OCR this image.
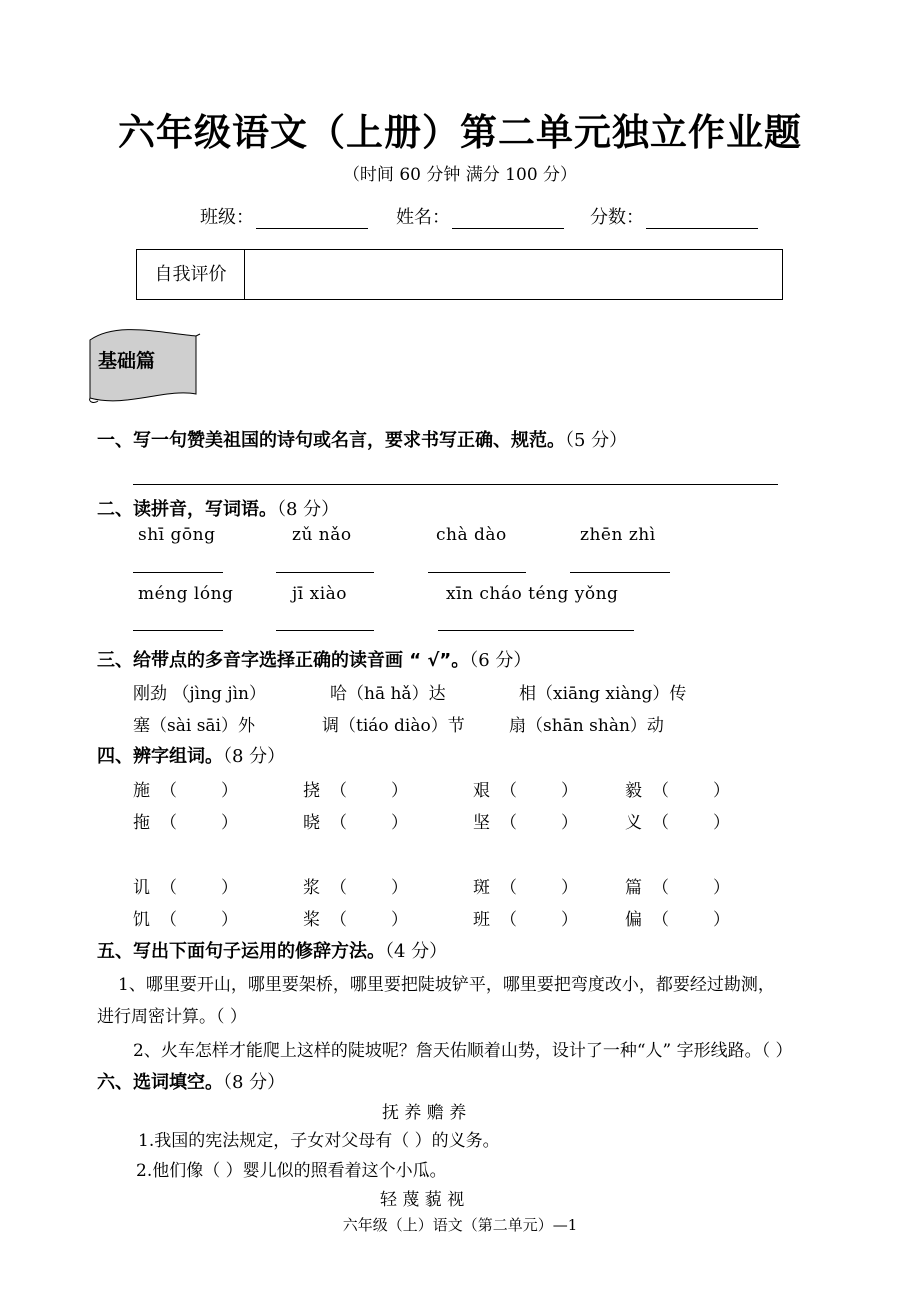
六年级语文（上册）第二单元独立作业题
（时间 60 分钟 满分 100 分）
班级：	姓名：	分数：
自我评价
基础篇
一、写一句赞美祖国的诗句或名言，要求书写正确、规范。（5 分）
二、读拼音，写词语。（8 分）
shī gōng	zǔ nǎo	chà dào	zhēn zhì
méng lóng	jī xiào	xīn cháo téng yǒng
三、给带点的多音字选择正确的读音画 “ √”。（6 分）
刚劲 （jìng jìn）	哈（hā hǎ）达	相（xiāng xiàng）传
塞（sài sāi）外	调（tiáo diào）节	扇（shān shàn）动
四、辨字组词。（8 分）
施 （	）	挠 （	）	艰 （	）	毅 （	）
拖 （	）	晓 （	）	坚 （	）	义 （	）
讥 （	）	浆 （	）	斑 （	）	篇 （	）
饥 （	）	桨 （	）	班 （	）	偏 （	）
五、写出下面句子运用的修辞方法。（4 分）
1、哪里要开山，哪里要架桥，哪里要把陡坡铲平，哪里要把弯度改小，都要经过勘测，
进行周密计算。（ ）
2、火车怎样才能爬上这样的陡坡呢？詹天佑顺着山势，设计了一种“人” 字形线路。（ ）
六、选词填空。（8 分）
抚 养 赡 养
1.我国的宪法规定，子女对父母有（ ）的义务。
2.他们像（ ）婴儿似的照看着这个小瓜。
轻 蔑 藐 视
六年级（上）语文（第二单元）—1
